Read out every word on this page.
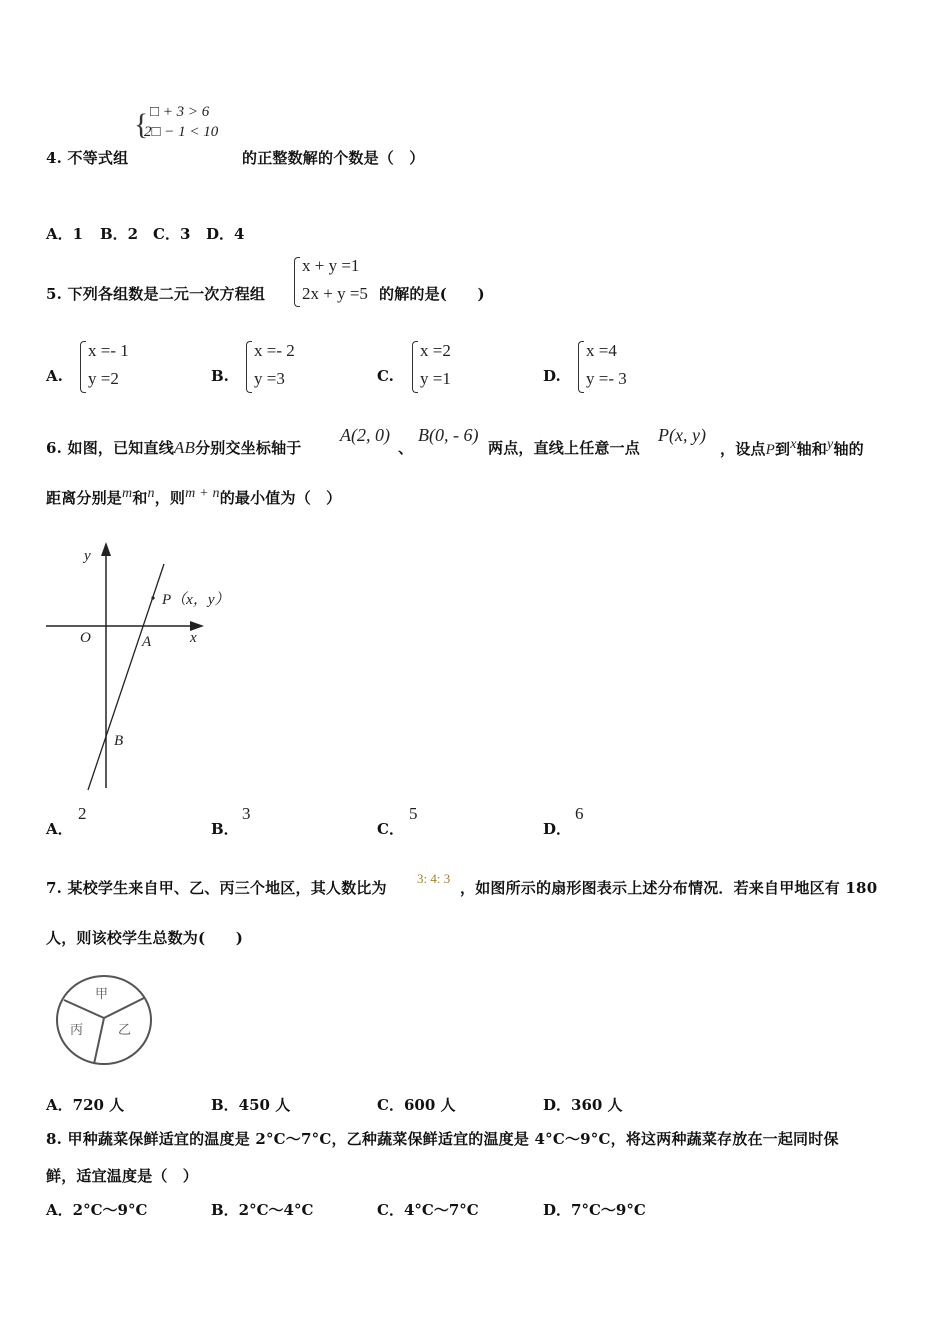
{ □ + 3 > 6
2□ − 1 < 10
4. 不等式组	的正整数解的个数是（　）
A．1 B．2 C．3 D．4
5. 下列各组数是二元一次方程组
x + y =1
2x + y =5 的解的是(　　)
A.
x =- 1
y =2	B.
x =- 2
y =3	C.
x =2
y =1	D.
x =4
y =- 3
6. 如图，已知直线AB分别交坐标轴于
A(2, 0)
、
B(0, - 6)
两点，直线上任意一点
P(x, y)
，设点P到$^x$轴和$^y$轴的
距离分别是$^m$和$^n$，则$^{m + n}$的最小值为（　）
y
x
O	A
B
P（x，y）
A．
2
B．
3
C．
5
D．
6
7. 某校学生来自甲、乙、丙三个地区，其人数比为
3: 4: 3
，如图所示的扇形图表示上述分布情况．若来自甲地区有 180
人，则该校学生总数为(　　)
甲
丙	乙
A．720 人	B．450 人	C．600 人	D．360 人
8. 甲种蔬菜保鲜适宜的温度是 2°C～7°C，乙种蔬菜保鲜适宜的温度是 4°C～9°C，将这两种蔬菜存放在一起同时保
鲜，适宜温度是（　）
A．2°C～9°C	B．2°C～4°C	C．4°C～7°C	D．7°C～9°C
